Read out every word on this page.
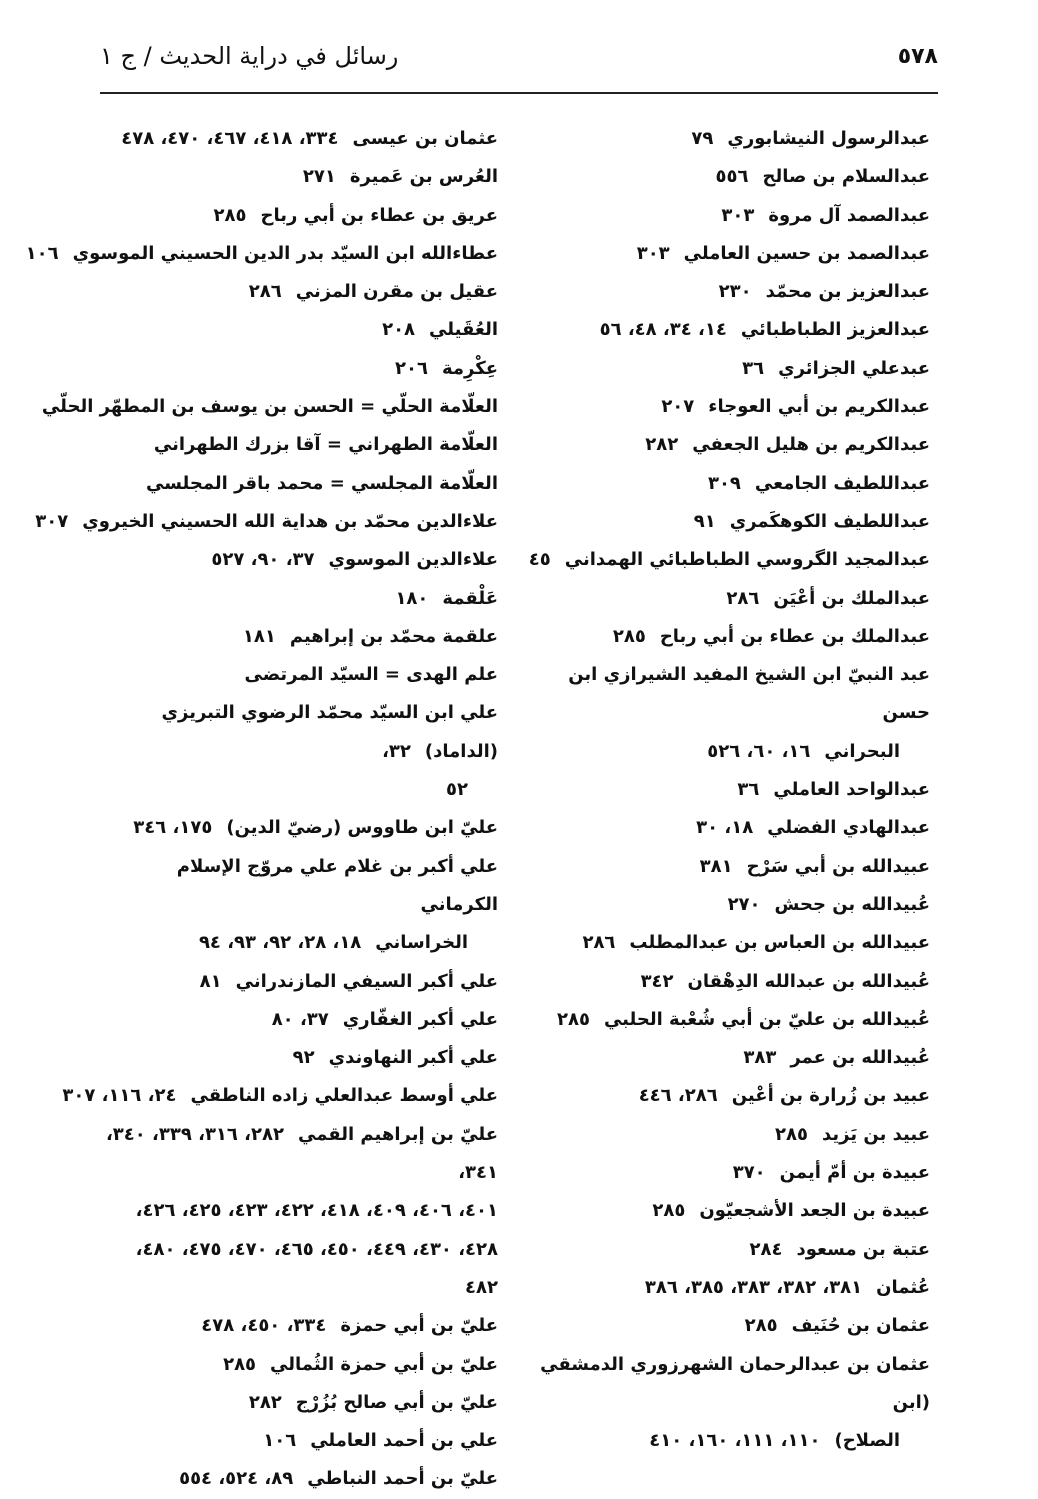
٥٧٨
رسائل في دراية الحديث / ج ١
عبدالرسول النيشابوري٧٩
عبدالسلام بن صالح٥٥٦
عبدالصمد آل مروة٣٠٣
عبدالصمد بن حسين العاملي٣٠٣
عبدالعزيز بن محمّد٢٣٠
عبدالعزيز الطباطبائي١٤، ٣٤، ٤٨، ٥٦
عبدعلي الجزائري٣٦
عبدالكريم بن أبي العوجاء٢٠٧
عبدالكريم بن هليل الجعفي٢٨٢
عبداللطيف الجامعي٣٠٩
عبداللطيف الكوهكَمري٩١
عبدالمجيد الگروسي الطباطبائي الهمداني٤٥
عبدالملك بن أعْيَن٢٨٦
عبدالملك بن عطاء بن أبي رباح٢٨٥
عبد النبيّ ابن الشيخ المفيد الشيرازي ابن حسن
البحراني١٦، ٦٠، ٥٢٦
عبدالواحد العاملي٣٦
عبدالهادي الفضلي١٨، ٣٠
عبيدالله بن أبي سَرْح٣٨١
عُبيدالله بن جحش٢٧٠
عبيدالله بن العباس بن عبدالمطلب٢٨٦
عُبيدالله بن عبدالله الدِهْقان٣٤٢
عُبيدالله بن عليّ بن أبي شُعْبة الحلبي٢٨٥
عُبيدالله بن عمر٣٨٣
عبيد بن زُرارة بن أعْين٢٨٦، ٤٤٦
عبيد بن يَزيد٢٨٥
عبيدة بن أمّ أيمن٣٧٠
عبيدة بن الجعد الأشجعيّون٢٨٥
عتبة بن مسعود٢٨٤
عُثمان٣٨١، ٣٨٢، ٣٨٣، ٣٨٥، ٣٨٦
عثمان بن حُنَيف٢٨٥
عثمان بن عبدالرحمان الشهرزوري الدمشقي (ابن
الصلاح)١١٠، ١١١، ١٦٠، ٤١٠
عثمان بن عيسى٣٣٤، ٤١٨، ٤٦٧، ٤٧٠، ٤٧٨
العُرس بن عَميرة٢٧١
عريق بن عطاء بن أبي رباح٢٨٥
عطاءالله ابن السيّد بدر الدين الحسيني الموسوي١٠٦
عقيل بن مقرن المزني٢٨٦
العُقَيلي٢٠٨
عِكْرِمة٢٠٦
العلّامة الحلّي = الحسن بن يوسف بن المطهّر الحلّي
العلّامة الطهراني = آقا بزرك الطهراني
العلّامة المجلسي = محمد باقر المجلسي
علاءالدين محمّد بن هداية الله الحسيني الخيروي٣٠٧
علاءالدين الموسوي٣٧، ٩٠، ٥٢٧
عَلْقمة١٨٠
علقمة محمّد بن إبراهيم١٨١
علم الهدى = السيّد المرتضى
علي ابن السيّد محمّد الرضوي التبريزي (الداماد)٣٢،
٥٢
عليّ ابن طاووس (رضيّ الدين)١٧٥، ٣٤٦
علي أكبر بن غلام علي مروّج الإسلام الكرماني
الخراساني١٨، ٢٨، ٩٢، ٩٣، ٩٤
علي أكبر السيفي المازندراني٨١
علي أكبر الغفّاري٣٧، ٨٠
علي أكبر النهاوندي٩٢
علي أوسط عبدالعلي زاده الناطقي٢٤، ١١٦، ٣٠٧
عليّ بن إبراهيم القمي٢٨٢، ٣١٦، ٣٣٩، ٣٤٠، ٣٤١،
٤٠١، ٤٠٦، ٤٠٩، ٤١٨، ٤٢٢، ٤٢٣، ٤٢٥، ٤٢٦،
٤٢٨، ٤٣٠، ٤٤٩، ٤٥٠، ٤٦٥، ٤٧٠، ٤٧٥، ٤٨٠،
٤٨٢
عليّ بن أبي حمزة٣٣٤، ٤٥٠، ٤٧٨
عليّ بن أبي حمزة الثُمالي٢٨٥
عليّ بن أبي صالح بُزُرْج٢٨٢
علي بن أحمد العاملي١٠٦
عليّ بن أحمد النباطي٨٩، ٥٢٤، ٥٥٤
